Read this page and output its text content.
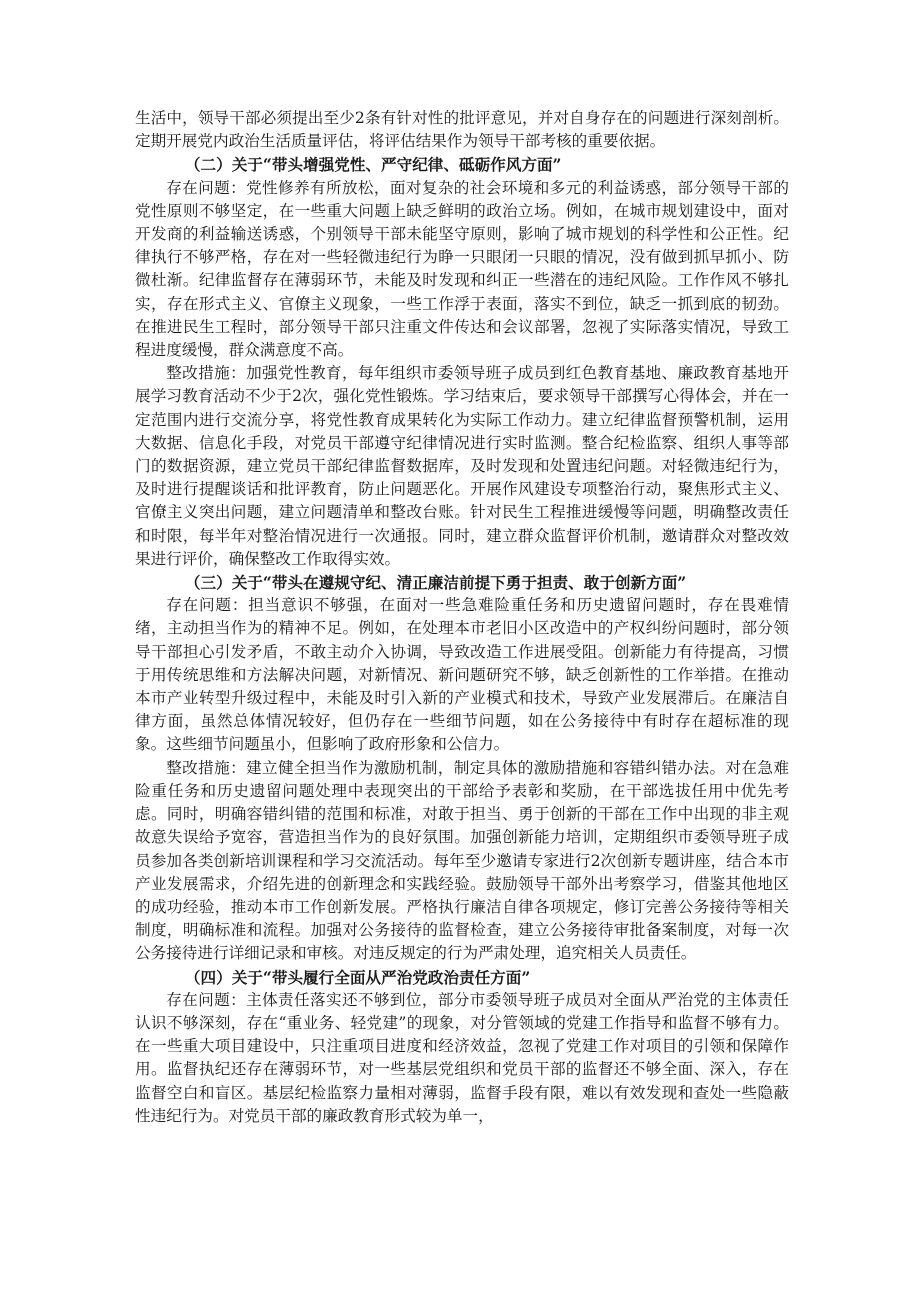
生活中，领导干部必须提出至少2条有针对性的批评意见，并对自身存在的问题进行深刻剖析。定期开展党内政治生活质量评估，将评估结果作为领导干部考核的重要依据。

（二）关于“带头增强党性、严守纪律、砥砺作风方面”

存在问题：党性修养有所放松，面对复杂的社会环境和多元的利益诱惑，部分领导干部的党性原则不够坚定，在一些重大问题上缺乏鲜明的政治立场。例如，在城市规划建设中，面对开发商的利益输送诱惑，个别领导干部未能坚守原则，影响了城市规划的科学性和公正性。纪律执行不够严格，存在对一些轻微违纪行为睁一只眼闭一只眼的情况，没有做到抓早抓小、防微杜渐。纪律监督存在薄弱环节，未能及时发现和纠正一些潜在的违纪风险。工作作风不够扎实，存在形式主义、官僚主义现象，一些工作浮于表面，落实不到位，缺乏一抓到底的韧劲。在推进民生工程时，部分领导干部只注重文件传达和会议部署，忽视了实际落实情况，导致工程进度缓慢，群众满意度不高。

整改措施：加强党性教育，每年组织市委领导班子成员到红色教育基地、廉政教育基地开展学习教育活动不少于2次，强化党性锻炼。学习结束后，要求领导干部撰写心得体会，并在一定范围内进行交流分享，将党性教育成果转化为实际工作动力。建立纪律监督预警机制，运用大数据、信息化手段，对党员干部遵守纪律情况进行实时监测。整合纪检监察、组织人事等部门的数据资源，建立党员干部纪律监督数据库，及时发现和处置违纪问题。对轻微违纪行为，及时进行提醒谈话和批评教育，防止问题恶化。开展作风建设专项整治行动，聚焦形式主义、官僚主义突出问题，建立问题清单和整改台账。针对民生工程推进缓慢等问题，明确整改责任和时限，每半年对整治情况进行一次通报。同时，建立群众监督评价机制，邀请群众对整改效果进行评价，确保整改工作取得实效。

（三）关于“带头在遵规守纪、清正廉洁前提下勇于担责、敢于创新方面”

存在问题：担当意识不够强，在面对一些急难险重任务和历史遗留问题时，存在畏难情绪，主动担当作为的精神不足。例如，在处理本市老旧小区改造中的产权纠纷问题时，部分领导干部担心引发矛盾，不敢主动介入协调，导致改造工作进展受阻。创新能力有待提高，习惯于用传统思维和方法解决问题，对新情况、新问题研究不够，缺乏创新性的工作举措。在推动本市产业转型升级过程中，未能及时引入新的产业模式和技术，导致产业发展滞后。在廉洁自律方面，虽然总体情况较好，但仍存在一些细节问题，如在公务接待中有时存在超标准的现象。这些细节问题虽小，但影响了政府形象和公信力。

整改措施：建立健全担当作为激励机制，制定具体的激励措施和容错纠错办法。对在急难险重任务和历史遗留问题处理中表现突出的干部给予表彰和奖励，在干部选拔任用中优先考虑。同时，明确容错纠错的范围和标准，对敢于担当、勇于创新的干部在工作中出现的非主观故意失误给予宽容，营造担当作为的良好氛围。加强创新能力培训，定期组织市委领导班子成员参加各类创新培训课程和学习交流活动。每年至少邀请专家进行2次创新专题讲座，结合本市产业发展需求，介绍先进的创新理念和实践经验。鼓励领导干部外出考察学习，借鉴其他地区的成功经验，推动本市工作创新发展。严格执行廉洁自律各项规定，修订完善公务接待等相关制度，明确标准和流程。加强对公务接待的监督检查，建立公务接待审批备案制度，对每一次公务接待进行详细记录和审核。对违反规定的行为严肃处理，追究相关人员责任。

（四）关于“带头履行全面从严治党政治责任方面”

存在问题：主体责任落实还不够到位，部分市委领导班子成员对全面从严治党的主体责任认识不够深刻，存在“重业务、轻党建”的现象，对分管领域的党建工作指导和监督不够有力。在一些重大项目建设中，只注重项目进度和经济效益，忽视了党建工作对项目的引领和保障作用。监督执纪还存在薄弱环节，对一些基层党组织和党员干部的监督还不够全面、深入，存在监督空白和盲区。基层纪检监察力量相对薄弱，监督手段有限，难以有效发现和查处一些隐蔽性违纪行为。对党员干部的廉政教育形式较为单一，
